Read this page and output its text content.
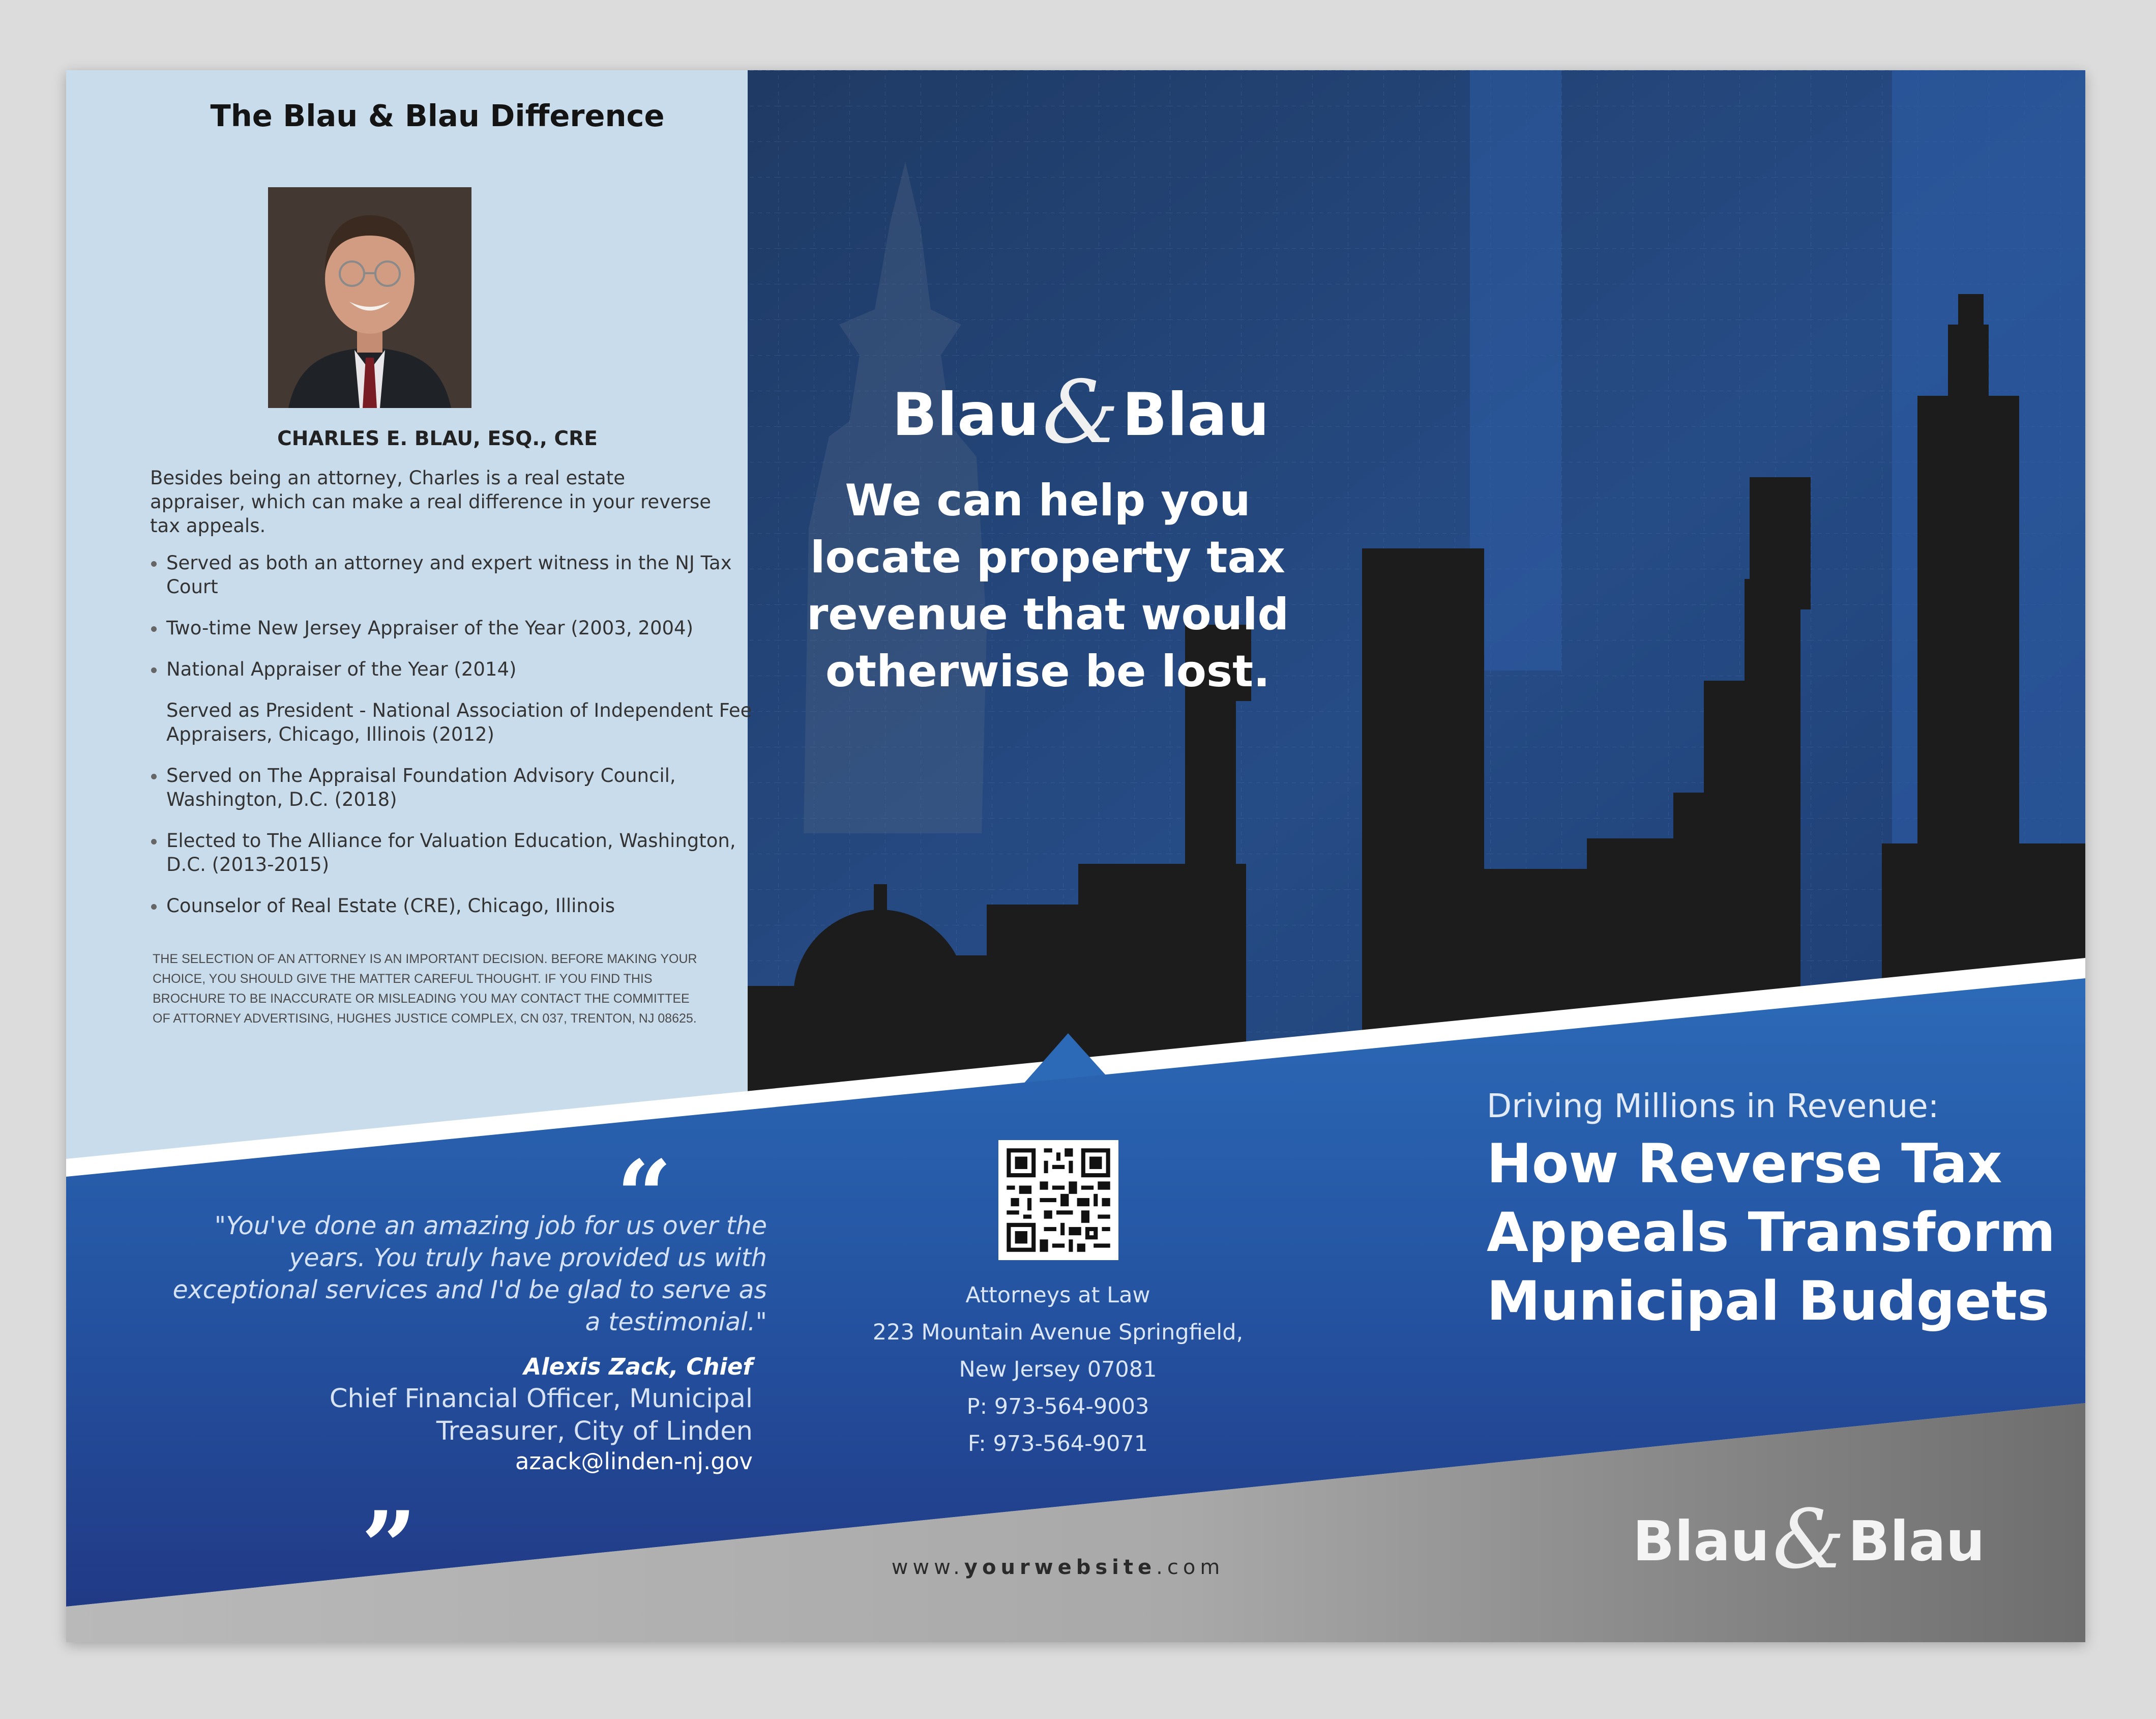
The Blau & Blau Difference
CHARLES E. BLAU, ESQ., CRE
Besides being an attorney, Charles is a real estate appraiser, which can make a real difference in your reverse tax appeals.
Served as both an attorney and expert witness in the NJ Tax Court
Two-time New Jersey Appraiser of the Year (2003, 2004)
National Appraiser of the Year (2014)
Served as President - National Association of Independent Fee Appraisers, Chicago, Illinois (2012)
Served on The Appraisal Foundation Advisory Council, Washington, D.C. (2018)
Elected to The Alliance for Valuation Education, Washington, D.C. (2013-2015)
Counselor of Real Estate (CRE), Chicago, Illinois
THE SELECTION OF AN ATTORNEY IS AN IMPORTANT DECISION. BEFORE MAKING YOUR CHOICE, YOU SHOULD GIVE THE MATTER CAREFUL THOUGHT. IF YOU FIND THIS BROCHURE TO BE INACCURATE OR MISLEADING YOU MAY CONTACT THE COMMITTEE OF ATTORNEY ADVERTISING, HUGHES JUSTICE COMPLEX, CN 037, TRENTON, NJ 08625.
“
"You've done an amazing job for us over the years. You truly have provided us with exceptional services and I'd be glad to serve as a testimonial."
Alexis Zack, Chief
Chief Financial Officer, Municipal Treasurer, City of Linden
azack@linden-nj.gov
”
Blau&Blau
We can help you locate property tax revenue that would otherwise be lost.
Attorneys at Law
223 Mountain Avenue Springfield,
New Jersey 07081
P: 973-564-9003
F: 973-564-9071
www.yourwebsite.com
Driving Millions in Revenue:
How Reverse Tax Appeals Transform Municipal Budgets
Blau&Blau
